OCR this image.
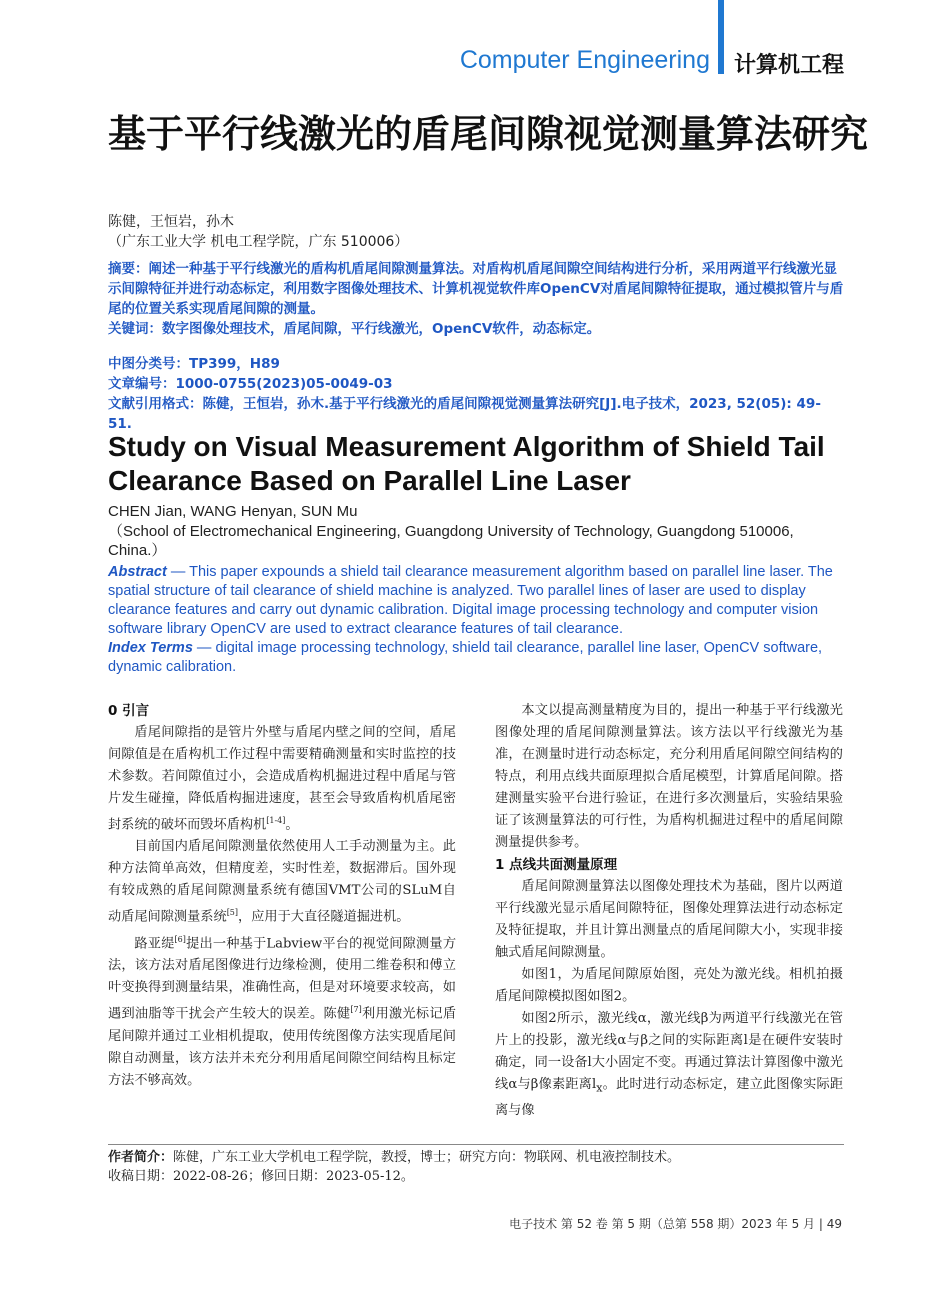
Computer Engineering 计算机工程
基于平行线激光的盾尾间隙视觉测量算法研究
陈健，王恒岩，孙木
（广东工业大学 机电工程学院，广东 510006）
摘要：阐述一种基于平行线激光的盾构机盾尾间隙测量算法。对盾构机盾尾间隙空间结构进行分析，采用两道平行线激光显示间隙特征并进行动态标定，利用数字图像处理技术、计算机视觉软件库OpenCV对盾尾间隙特征提取，通过模拟管片与盾尾的位置关系实现盾尾间隙的测量。
关键词：数字图像处理技术，盾尾间隙，平行线激光，OpenCV软件，动态标定。
中图分类号：TP399，H89
文章编号：1000-0755(2023)05-0049-03
文献引用格式：陈健，王恒岩，孙木.基于平行线激光的盾尾间隙视觉测量算法研究[J].电子技术，2023, 52(05): 49-51.
Study on Visual Measurement Algorithm of Shield Tail Clearance Based on Parallel Line Laser
CHEN Jian, WANG Henyan, SUN Mu
（School of Electromechanical Engineering, Guangdong University of Technology, Guangdong 510006, China.）
Abstract — This paper expounds a shield tail clearance measurement algorithm based on parallel line laser. The spatial structure of tail clearance of shield machine is analyzed. Two parallel lines of laser are used to display clearance features and carry out dynamic calibration. Digital image processing technology and computer vision software library OpenCV are used to extract clearance features of tail clearance.
Index Terms — digital image processing technology, shield tail clearance, parallel line laser, OpenCV software, dynamic calibration.
0 引言

盾尾间隙指的是管片外壁与盾尾内壁之间的空间，盾尾间隙值是在盾构机工作过程中需要精确测量和实时监控的技术参数。若间隙值过小，会造成盾构机掘进过程中盾尾与管片发生碰撞，降低盾构掘进速度，甚至会导致盾构机盾尾密封系统的破坏而毁坏盾构机[1-4]。

目前国内盾尾间隙测量依然使用人工手动测量为主。此种方法简单高效，但精度差，实时性差，数据滞后。国外现有较成熟的盾尾间隙测量系统有德国VMT公司的SLuM自动盾尾间隙测量系统[5]，应用于大直径隧道掘进机。

路亚缇[6]提出一种基于Labview平台的视觉间隙测量方法，该方法对盾尾图像进行边缘检测，使用二维卷积和傅立叶变换得到测量结果，准确性高，但是对环境要求较高，如遇到油脂等干扰会产生较大的误差。陈健[7]利用激光标记盾尾间隙并通过工业相机提取，使用传统图像方法实现盾尾间隙自动测量，该方法并未充分利用盾尾间隙空间结构且标定方法不够高效。

本文以提高测量精度为目的，提出一种基于平行线激光图像处理的盾尾间隙测量算法。该方法以平行线激光为基准，在测量时进行动态标定，充分利用盾尾间隙空间结构的特点，利用点线共面原理拟合盾尾模型，计算盾尾间隙。搭建测量实验平台进行验证，在进行多次测量后，实验结果验证了该测量算法的可行性，为盾构机掘进过程中的盾尾间隙测量提供参考。

1 点线共面测量原理

盾尾间隙测量算法以图像处理技术为基础，图片以两道平行线激光显示盾尾间隙特征，图像处理算法进行动态标定及特征提取，并且计算出测量点的盾尾间隙大小，实现非接触式盾尾间隙测量。

如图1，为盾尾间隙原始图，亮处为激光线。相机拍摄盾尾间隙模拟图如图2。

如图2所示，激光线α，激光线β为两道平行线激光在管片上的投影，激光线α与β之间的实际距离l是在硬件安装时确定，同一设备l大小固定不变。再通过算法计算图像中激光线α与β像素距离$l_x$。此时进行动态标定，建立此图像实际距离与像

作者简介：陈健，广东工业大学机电工程学院，教授，博士；研究方向：物联网、机电液控制技术。
收稿日期：2022-08-26；修回日期：2023-05-12。
电子技术 第 52 卷 第 5 期（总第 558 期）2023 年 5 月 | 49
